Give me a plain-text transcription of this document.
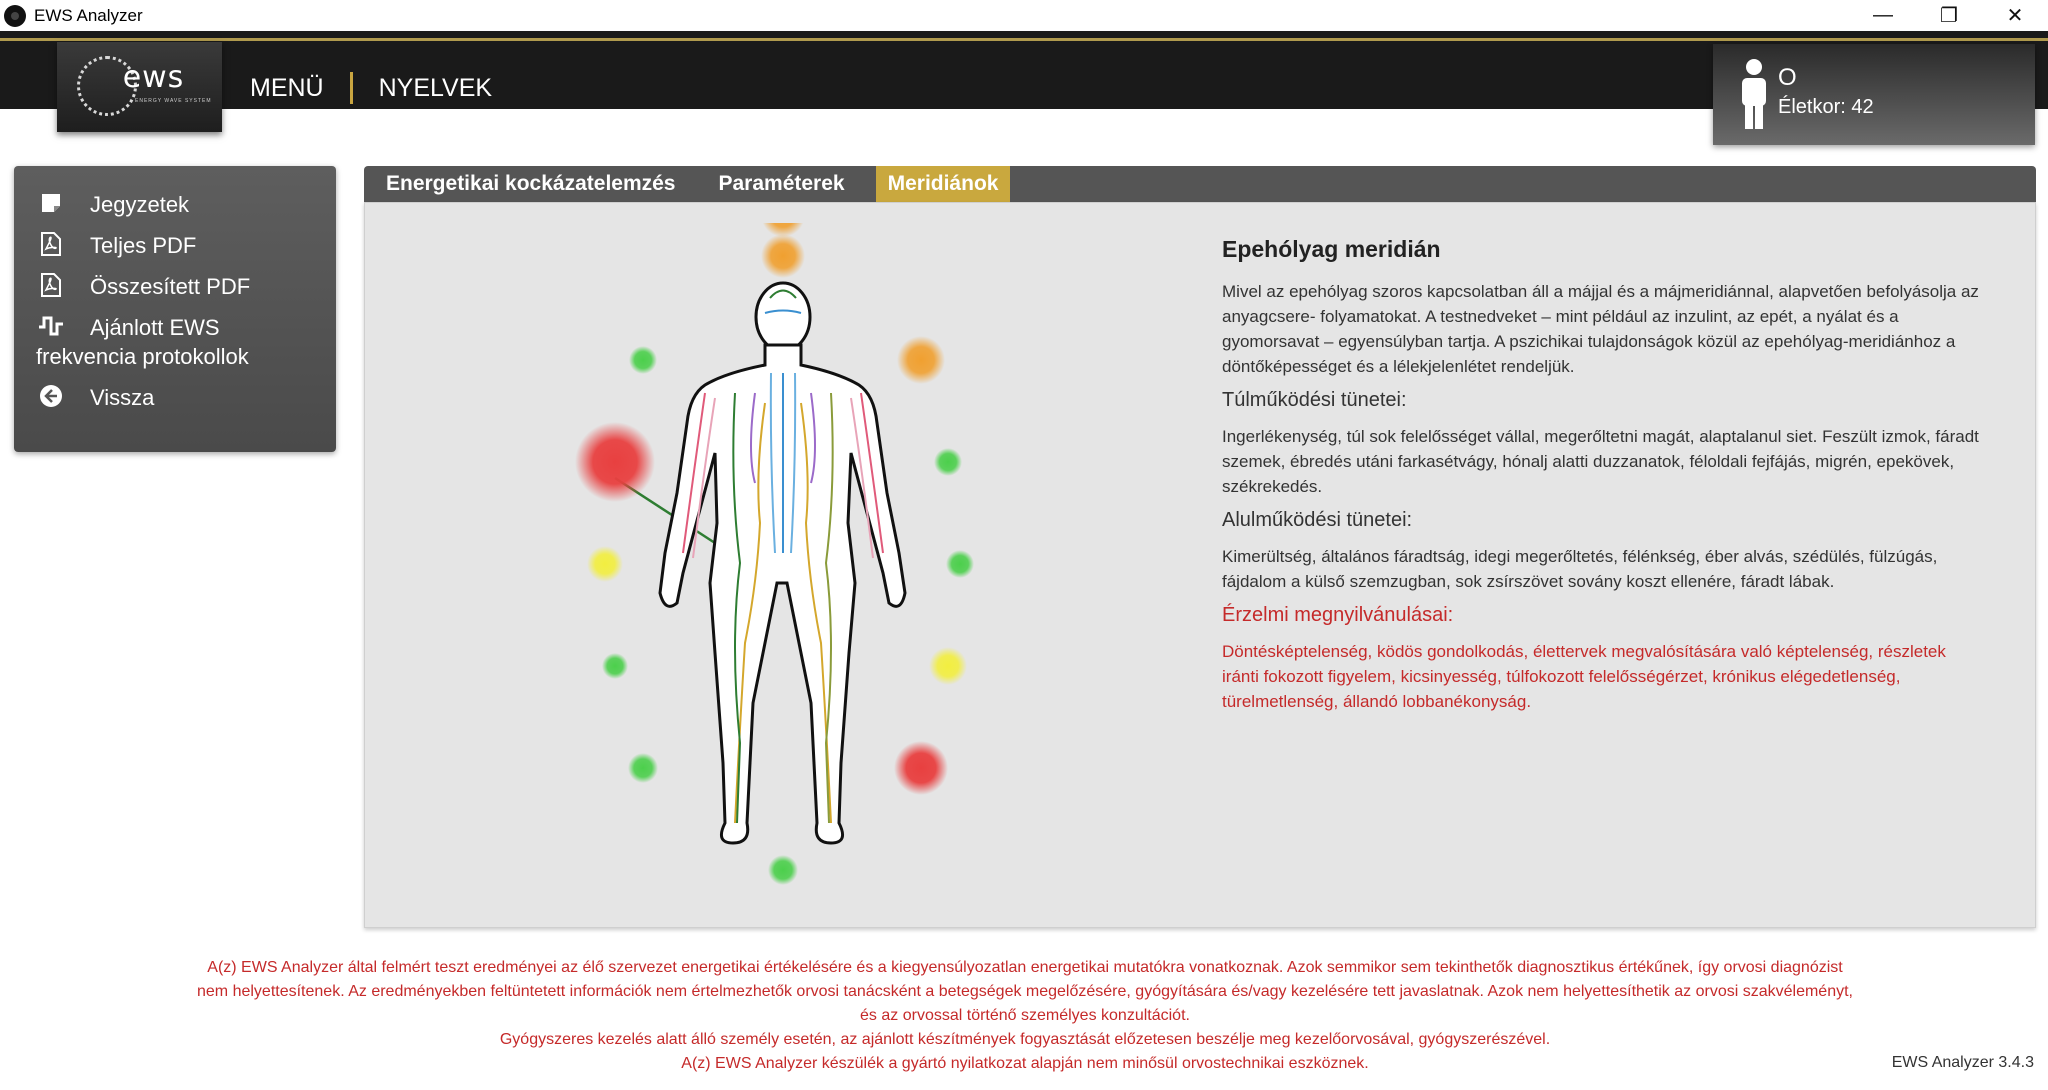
EWS Analyzer	—	❐	✕
ews
ENERGY WAVE SYSTEM MENÜ NYELVEK	O
Életkor: 42
Jegyzetek
Teljes PDF
Összesített PDF
Ajánlott EWS
frekvencia protokollok
Vissza
Energetikai kockázatelemzés Paraméterek	Meridiánok
Epehólyag meridián

Mivel az epehólyag szoros kapcsolatban áll a májjal és a májmeridiánnal, alapvetően befolyásolja az anyagcsere- folyamatokat. A testnedveket – mint például az inzulint, az epét, a nyálat és a gyomorsavat – egyensúlyban tartja. A pszichikai tulajdonságok közül az epehólyag-meridiánhoz a döntőképességet és a lélekjelenlétet rendeljük.

Túlműködési tünetei:

Ingerlékenység, túl sok felelősséget vállal, megerőltetni magát, alaptalanul siet. Feszült izmok, fáradt szemek, ébredés utáni farkasétvágy, hónalj alatti duzzanatok, féloldali fejfájás, migrén, epekövek, székrekedés.

Alulműködési tünetei:

Kimerültség, általános fáradtság, idegi megerőltetés, félénkség, éber alvás, szédülés, fülzúgás, fájdalom a külső szemzugban, sok zsírszövet sovány koszt ellenére, fáradt lábak.

Érzelmi megnyilvánulásai:

Döntésképtelenség, ködös gondolkodás, élettervek megvalósítására való képtelenség, részletek iránti fokozott figyelem, kicsinyesség, túlfokozott felelősségérzet, krónikus elégedetlenség, türelmetlenség, állandó lobbanékonyság.

A(z) EWS Analyzer által felmért teszt eredményei az élő szervezet energetikai értékelésére és a kiegyensúlyozatlan energetikai mutatókra vonatkoznak. Azok semmikor sem tekinthetők diagnosztikus értékűnek, így orvosi diagnózist
nem helyettesítenek. Az eredményekben feltüntetett információk nem értelmezhetők orvosi tanácsként a betegségek megelőzésére, gyógyítására és/vagy kezelésére tett javaslatnak. Azok nem helyettesíthetik az orvosi szakvéleményt,
és az orvossal történő személyes konzultációt.
Gyógyszeres kezelés alatt álló személy esetén, az ajánlott készítmények fogyasztását előzetesen beszélje meg kezelőorvosával, gyógyszerészével.
A(z) EWS Analyzer készülék a gyártó nyilatkozat alapján nem minősül orvostechnikai eszköznek.	EWS Analyzer 3.4.3
